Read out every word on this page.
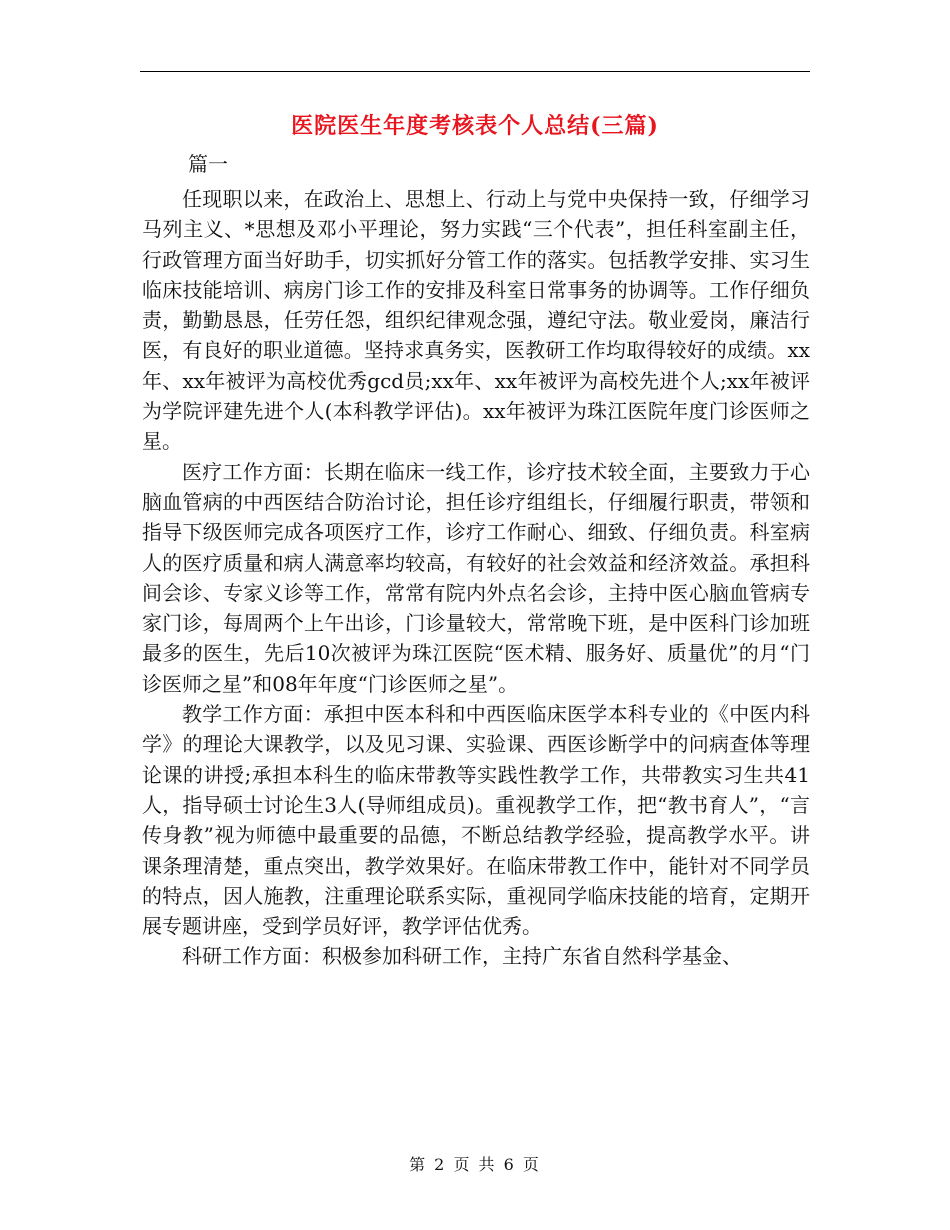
医院医生年度考核表个人总结(三篇)
篇一

任现职以来，在政治上、思想上、行动上与党中央保持一致，仔细学习马列主义、*思想及邓小平理论，努力实践“三个代表”，担任科室副主任，行政管理方面当好助手，切实抓好分管工作的落实。包括教学安排、实习生临床技能培训、病房门诊工作的安排及科室日常事务的协调等。工作仔细负责，勤勤恳恳，任劳任怨，组织纪律观念强，遵纪守法。敬业爱岗，廉洁行医，有良好的职业道德。坚持求真务实，医教研工作均取得较好的成绩。xx年、xx年被评为高校优秀gcd员;xx年、xx年被评为高校先进个人;xx年被评为学院评建先进个人(本科教学评估)。xx年被评为珠江医院年度门诊医师之星。

医疗工作方面：长期在临床一线工作，诊疗技术较全面，主要致力于心脑血管病的中西医结合防治讨论，担任诊疗组组长，仔细履行职责，带领和指导下级医师完成各项医疗工作，诊疗工作耐心、细致、仔细负责。科室病人的医疗质量和病人满意率均较高，有较好的社会效益和经济效益。承担科间会诊、专家义诊等工作，常常有院内外点名会诊，主持中医心脑血管病专家门诊，每周两个上午出诊，门诊量较大，常常晚下班，是中医科门诊加班最多的医生，先后10次被评为珠江医院“医术精、服务好、质量优”的月“门诊医师之星”和08年年度“门诊医师之星”。

教学工作方面：承担中医本科和中西医临床医学本科专业的《中医内科学》的理论大课教学，以及见习课、实验课、西医诊断学中的问病查体等理论课的讲授;承担本科生的临床带教等实践性教学工作，共带教实习生共41人，指导硕士讨论生3人(导师组成员)。重视教学工作，把“教书育人”，“言传身教”视为师德中最重要的品德，不断总结教学经验，提高教学水平。讲课条理清楚，重点突出，教学效果好。在临床带教工作中，能针对不同学员的特点，因人施教，注重理论联系实际，重视同学临床技能的培育，定期开展专题讲座，受到学员好评，教学评估优秀。

科研工作方面：积极参加科研工作，主持广东省自然科学基金、

第 2 页 共 6 页
